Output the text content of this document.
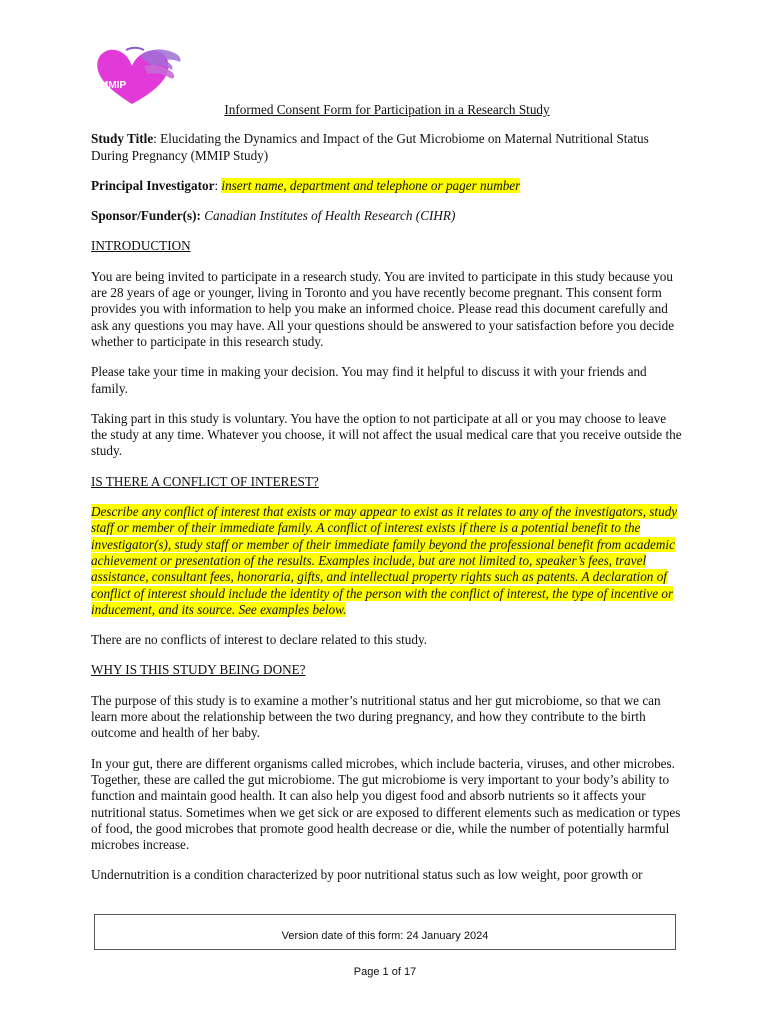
MMIP

Informed Consent Form for Participation in a Research Study

Study Title: Elucidating the Dynamics and Impact of the Gut Microbiome on Maternal Nutritional Status During Pregnancy (MMIP Study)

Principal Investigator: insert name, department and telephone or pager number

Sponsor/Funder(s): Canadian Institutes of Health Research (CIHR)

INTRODUCTION

You are being invited to participate in a research study. You are invited to participate in this study because you are 28 years of age or younger, living in Toronto and you have recently become pregnant. This consent form provides you with information to help you make an informed choice. Please read this document carefully and ask any questions you may have. All your questions should be answered to your satisfaction before you decide whether to participate in this research study.

Please take your time in making your decision. You may find it helpful to discuss it with your friends and family.

Taking part in this study is voluntary. You have the option to not participate at all or you may choose to leave the study at any time. Whatever you choose, it will not affect the usual medical care that you receive outside the study.

IS THERE A CONFLICT OF INTEREST?

Describe any conflict of interest that exists or may appear to exist as it relates to any of the investigators, study staff or member of their immediate family. A conflict of interest exists if there is a potential benefit to the investigator(s), study staff or member of their immediate family beyond the professional benefit from academic achievement or presentation of the results. Examples include, but are not limited to, speaker’s fees, travel assistance, consultant fees, honoraria, gifts, and intellectual property rights such as patents. A declaration of conflict of interest should include the identity of the person with the conflict of interest, the type of incentive or inducement, and its source. See examples below.

There are no conflicts of interest to declare related to this study.

WHY IS THIS STUDY BEING DONE?

The purpose of this study is to examine a mother’s nutritional status and her gut microbiome, so that we can learn more about the relationship between the two during pregnancy, and how they contribute to the birth outcome and health of her baby.

In your gut, there are different organisms called microbes, which include bacteria, viruses, and other microbes. Together, these are called the gut microbiome. The gut microbiome is very important to your body’s ability to function and maintain good health. It can also help you digest food and absorb nutrients so it affects your nutritional status. Sometimes when we get sick or are exposed to different elements such as medication or types of food, the good microbes that promote good health decrease or die, while the number of potentially harmful microbes increase.

Undernutrition is a condition characterized by poor nutritional status such as low weight, poor growth or

Version date of this form: 24 January 2024
Page 1 of 17
